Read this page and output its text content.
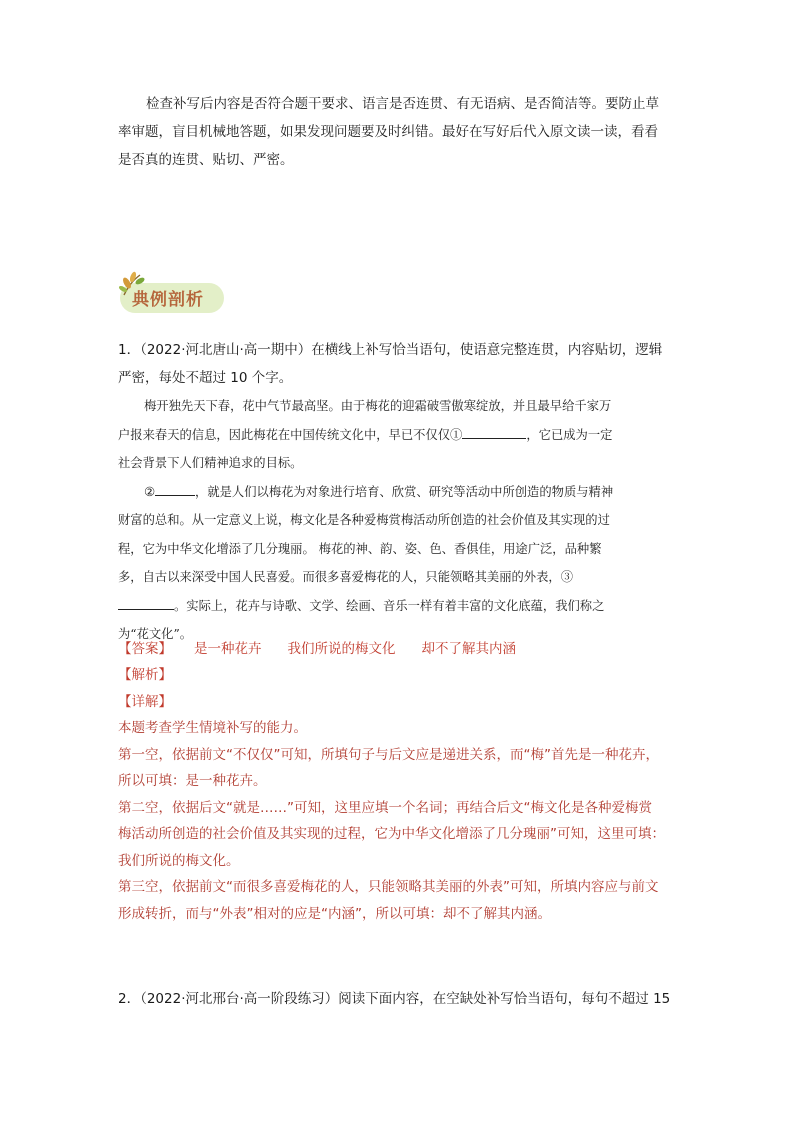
检查补写后内容是否符合题干要求、语言是否连贯、有无语病、是否简洁等。要防止草
率审题，盲目机械地答题，如果发现问题要及时纠错。最好在写好后代入原文读一读，看看
是否真的连贯、贴切、严密。
典例剖析
1．（2022·河北唐山·高一期中）在横线上补写恰当语句，使语意完整连贯，内容贴切，逻辑
严密，每处不超过 10 个字。
梅开独先天下春，花中气节最高坚。由于梅花的迎霜破雪傲寒绽放，并且最早给千家万
户报来春天的信息，因此梅花在中国传统文化中，早已不仅仅①	，它已成为一定
社会背景下人们精神追求的目标。
②	，就是人们以梅花为对象进行培育、欣赏、研究等活动中所创造的物质与精神
财富的总和。从一定意义上说，梅文化是各种爱梅赏梅活动所创造的社会价值及其实现的过
程，它为中华文化增添了几分瑰丽。 梅花的神、韵、姿、色、香俱佳，用途广泛，品种繁
多，自古以来深受中国人民喜爱。而很多喜爱梅花的人，只能领略其美丽的外表，③
。实际上，花卉与诗歌、文学、绘画、音乐一样有着丰富的文化底蕴，我们称之
为“花文化”。
【答案】 是一种花卉 我们所说的梅文化 却不了解其内涵
【解析】
【详解】
本题考查学生情境补写的能力。
第一空，依据前文“不仅仅”可知，所填句子与后文应是递进关系，而“梅”首先是一种花卉，
所以可填：是一种花卉。
第二空，依据后文“就是……”可知，这里应填一个名词；再结合后文“梅文化是各种爱梅赏
梅活动所创造的社会价值及其实现的过程，它为中华文化增添了几分瑰丽”可知，这里可填：
我们所说的梅文化。
第三空，依据前文“而很多喜爱梅花的人，只能领略其美丽的外表”可知，所填内容应与前文
形成转折，而与“外表”相对的应是“内涵”，所以可填：却不了解其内涵。
2．（2022·河北邢台·高一阶段练习）阅读下面内容，在空缺处补写恰当语句，每句不超过 15
